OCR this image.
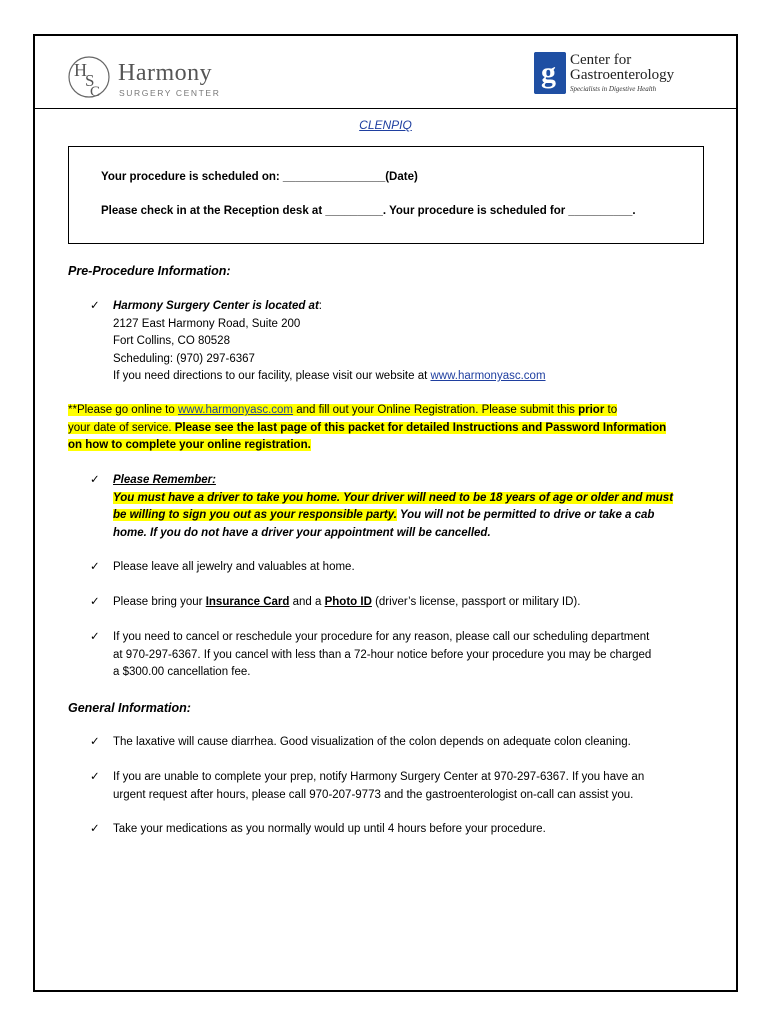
H
S
C
Harmony
SURGERY CENTER
g Center for
Gastroenterology
Specialists in Digestive Health
CLENPIQ
Your procedure is scheduled on: ________________(Date)
Please check in at the Reception desk at _________. Your procedure is scheduled for __________.
Pre-Procedure Information:
✓ Harmony Surgery Center is located at:
2127 East Harmony Road, Suite 200
Fort Collins, CO 80528
Scheduling: (970) 297-6367
If you need directions to our facility, please visit our website at www.harmonyasc.com
**Please go online to www.harmonyasc.com and fill out your Online Registration. Please submit this prior to
your date of service. Please see the last page of this packet for detailed Instructions and Password Information
on how to complete your online registration.
✓ Please Remember:
You must have a driver to take you home. Your driver will need to be 18 years of age or older and must
be willing to sign you out as your responsible party. You will not be permitted to drive or take a cab
home. If you do not have a driver your appointment will be cancelled.
✓ Please leave all jewelry and valuables at home.
✓ Please bring your Insurance Card and a Photo ID (driver’s license, passport or military ID).
✓ If you need to cancel or reschedule your procedure for any reason, please call our scheduling department
at 970-297-6367. If you cancel with less than a 72-hour notice before your procedure you may be charged
a $300.00 cancellation fee.
General Information:
✓ The laxative will cause diarrhea. Good visualization of the colon depends on adequate colon cleaning.
✓ If you are unable to complete your prep, notify Harmony Surgery Center at 970-297-6367. If you have an
urgent request after hours, please call 970-207-9773 and the gastroenterologist on-call can assist you.
✓ Take your medications as you normally would up until 4 hours before your procedure.
